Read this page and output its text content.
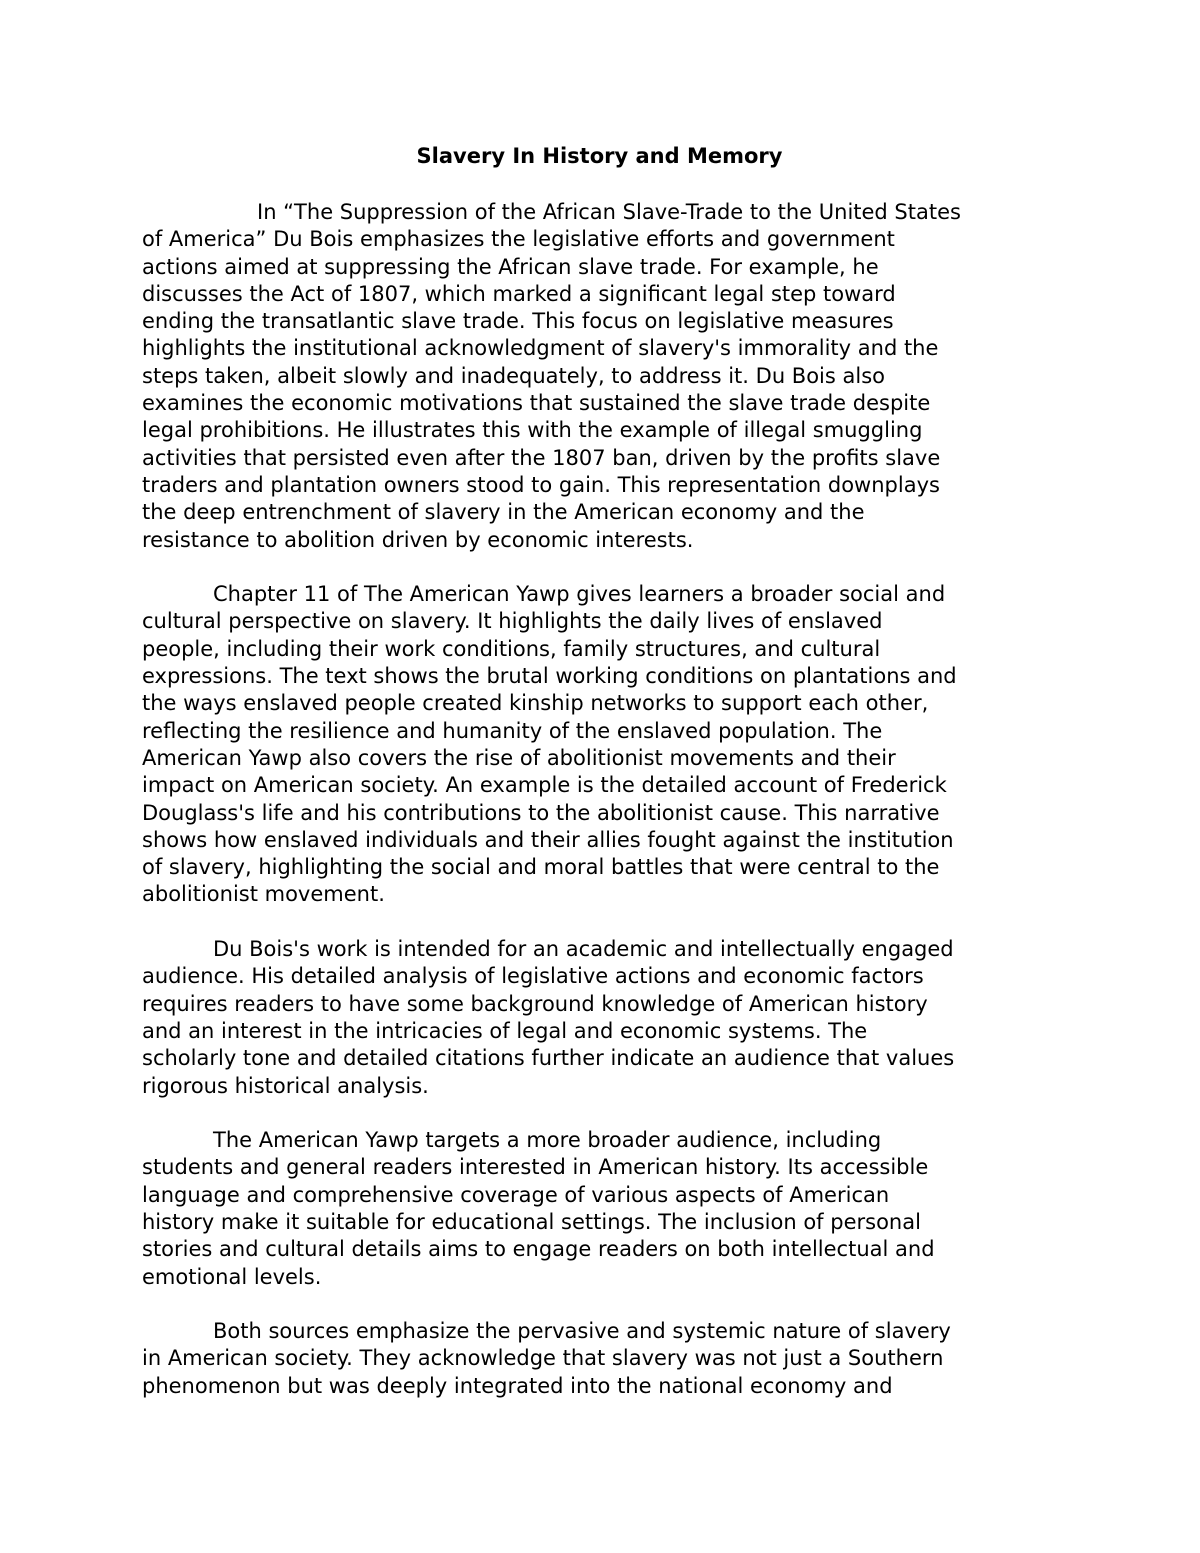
Slavery In History and Memory

In “The Suppression of the African Slave-Trade to the United States
of America” Du Bois emphasizes the legislative efforts and government
actions aimed at suppressing the African slave trade. For example, he
discusses the Act of 1807, which marked a significant legal step toward
ending the transatlantic slave trade. This focus on legislative measures
highlights the institutional acknowledgment of slavery's immorality and the
steps taken, albeit slowly and inadequately, to address it. Du Bois also
examines the economic motivations that sustained the slave trade despite
legal prohibitions. He illustrates this with the example of illegal smuggling
activities that persisted even after the 1807 ban, driven by the profits slave
traders and plantation owners stood to gain. This representation downplays
the deep entrenchment of slavery in the American economy and the
resistance to abolition driven by economic interests.

Chapter 11 of The American Yawp gives learners a broader social and
cultural perspective on slavery. It highlights the daily lives of enslaved
people, including their work conditions, family structures, and cultural
expressions. The text shows the brutal working conditions on plantations and
the ways enslaved people created kinship networks to support each other,
reflecting the resilience and humanity of the enslaved population. The
American Yawp also covers the rise of abolitionist movements and their
impact on American society. An example is the detailed account of Frederick
Douglass's life and his contributions to the abolitionist cause. This narrative
shows how enslaved individuals and their allies fought against the institution
of slavery, highlighting the social and moral battles that were central to the
abolitionist movement.

Du Bois's work is intended for an academic and intellectually engaged
audience. His detailed analysis of legislative actions and economic factors
requires readers to have some background knowledge of American history
and an interest in the intricacies of legal and economic systems. The
scholarly tone and detailed citations further indicate an audience that values
rigorous historical analysis.

The American Yawp targets a more broader audience, including
students and general readers interested in American history. Its accessible
language and comprehensive coverage of various aspects of American
history make it suitable for educational settings. The inclusion of personal
stories and cultural details aims to engage readers on both intellectual and
emotional levels.

Both sources emphasize the pervasive and systemic nature of slavery
in American society. They acknowledge that slavery was not just a Southern
phenomenon but was deeply integrated into the national economy and
